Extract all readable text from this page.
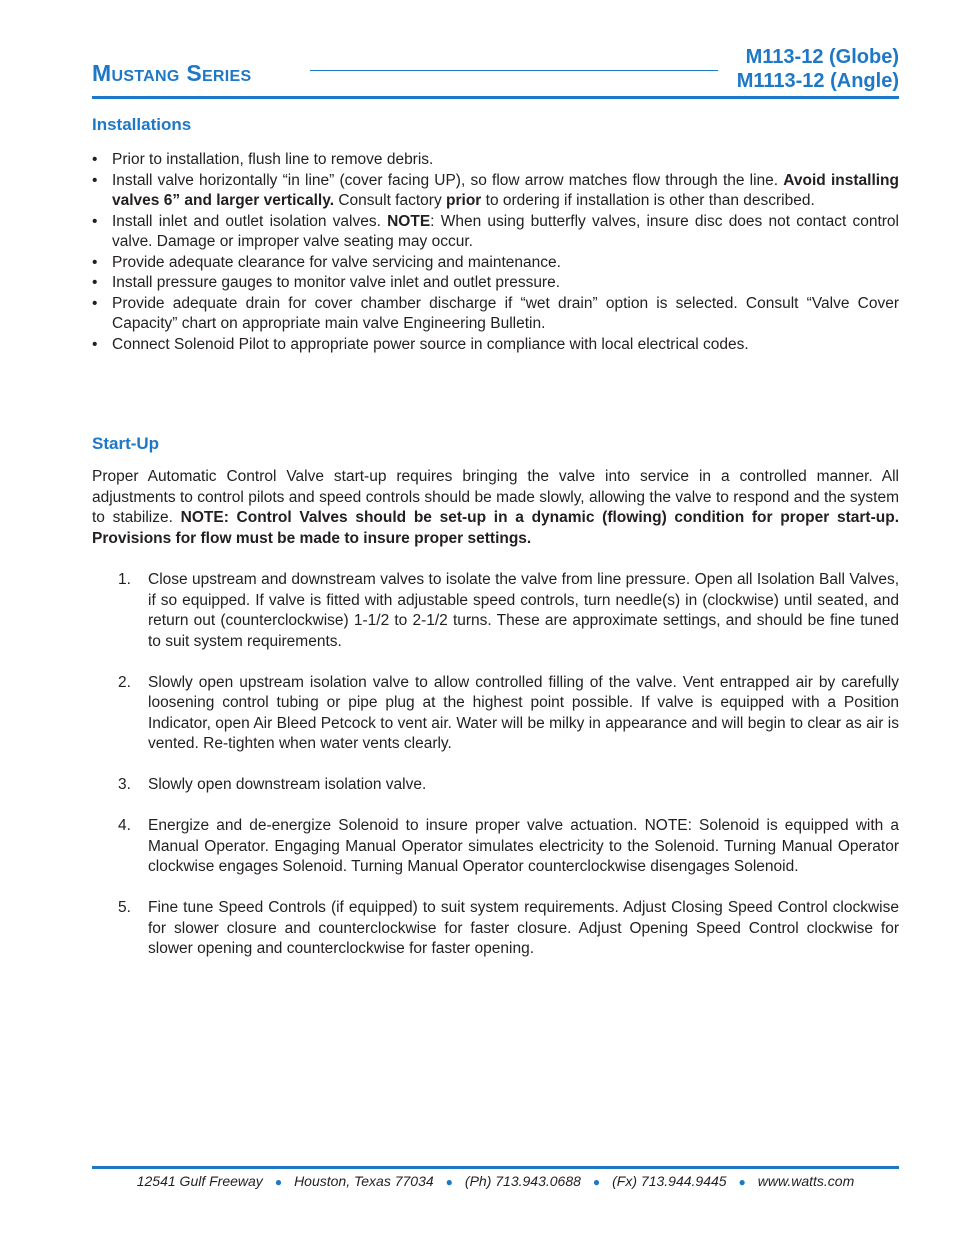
Mustang Series
M113-12 (Globe)
M1113-12 (Angle)
Installations
• Prior to installation, flush line to remove debris.
• Install valve horizontally “in line” (cover facing UP), so flow arrow matches flow through the line. Avoid installing valves 6” and larger vertically. Consult factory prior to ordering if installation is other than described.
• Install inlet and outlet isolation valves. NOTE: When using butterfly valves, insure disc does not contact control valve. Damage or improper valve seating may occur.
• Provide adequate clearance for valve servicing and maintenance.
• Install pressure gauges to monitor valve inlet and outlet pressure.
• Provide adequate drain for cover chamber discharge if “wet drain” option is selected. Consult “Valve Cover Capacity” chart on appropriate main valve Engineering Bulletin.
• Connect Solenoid Pilot to appropriate power source in compliance with local electrical codes.
Start-Up

Proper Automatic Control Valve start-up requires bringing the valve into service in a controlled manner. All adjustments to control pilots and speed controls should be made slowly, allowing the valve to respond and the system to stabilize. NOTE: Control Valves should be set-up in a dynamic (flowing) condition for proper start-up. Provisions for flow must be made to insure proper settings.

1. Close upstream and downstream valves to isolate the valve from line pressure. Open all Isolation Ball Valves, if so equipped. If valve is fitted with adjustable speed controls, turn needle(s) in (clockwise) until seated, and return out (counterclockwise) 1-1/2 to 2-1/2 turns. These are approximate settings, and should be fine tuned to suit system requirements.
2. Slowly open upstream isolation valve to allow controlled filling of the valve. Vent entrapped air by carefully loosening control tubing or pipe plug at the highest point possible. If valve is equipped with a Position Indicator, open Air Bleed Petcock to vent air. Water will be milky in appearance and will begin to clear as air is vented. Re-tighten when water vents clearly.
3. Slowly open downstream isolation valve.
4. Energize and de-energize Solenoid to insure proper valve actuation. NOTE: Solenoid is equipped with a Manual Operator. Engaging Manual Operator simulates electricity to the Solenoid. Turning Manual Operator clockwise engages Solenoid. Turning Manual Operator counterclockwise disengages Solenoid.
5. Fine tune Speed Controls (if equipped) to suit system requirements. Adjust Closing Speed Control clockwise for slower closure and counterclockwise for faster closure. Adjust Opening Speed Control clockwise for slower opening and counterclockwise for faster opening.
12541 Gulf Freeway ● Houston, Texas 77034 ● (Ph) 713.943.0688 ● (Fx) 713.944.9445 ● www.watts.com
